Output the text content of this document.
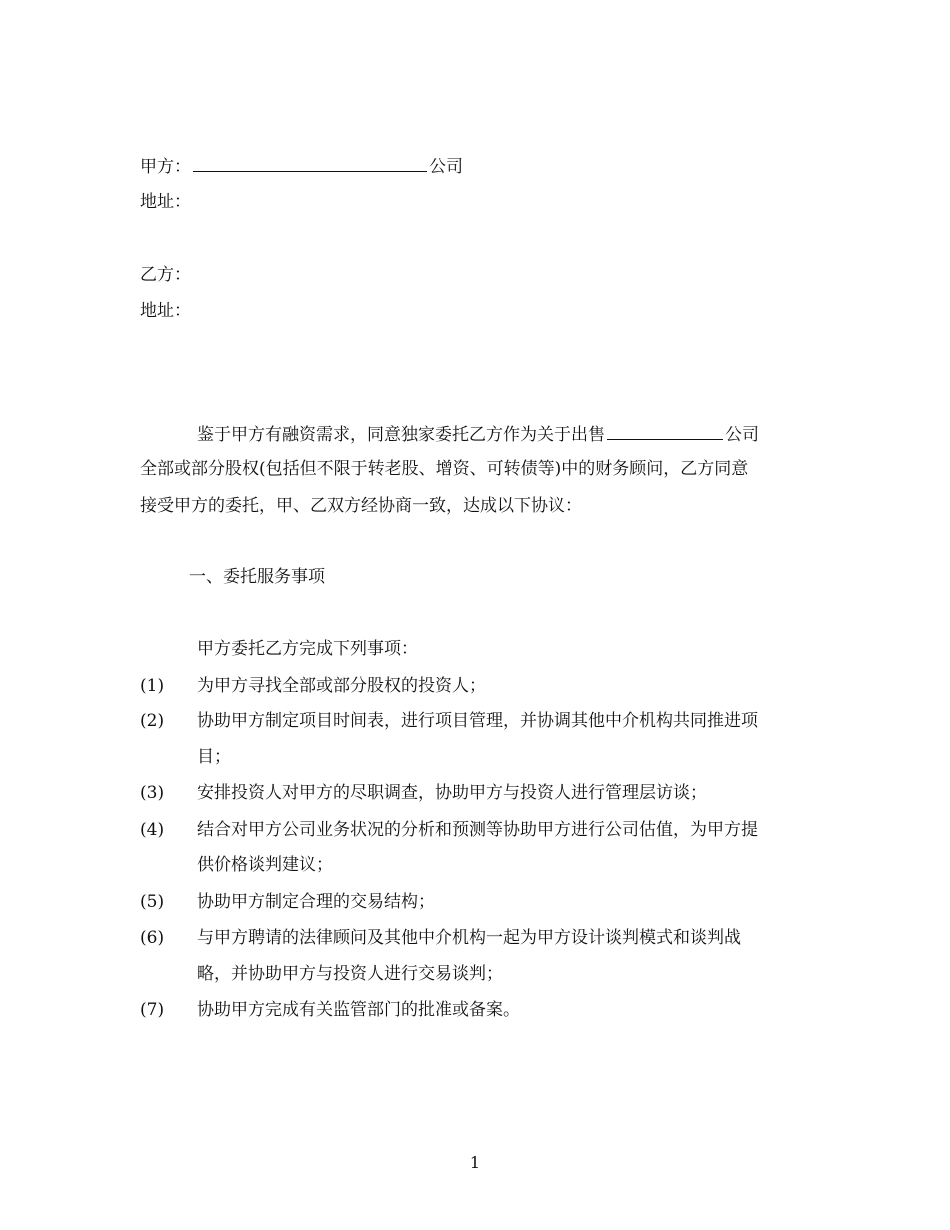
甲方：	公司
地址：
乙方：
地址：
鉴于甲方有融资需求，同意独家委托乙方作为关于出售	公司
全部或部分股权(包括但不限于转老股、增资、可转债等)中的财务顾问，乙方同意
接受甲方的委托，甲、乙双方经协商一致，达成以下协议：
一、委托服务事项
甲方委托乙方完成下列事项：
(1) 为甲方寻找全部或部分股权的投资人；
(2) 协助甲方制定项目时间表，进行项目管理，并协调其他中介机构共同推进项
目；
(3) 安排投资人对甲方的尽职调查，协助甲方与投资人进行管理层访谈；
(4) 结合对甲方公司业务状况的分析和预测等协助甲方进行公司估值，为甲方提
供价格谈判建议；
(5) 协助甲方制定合理的交易结构；
(6) 与甲方聘请的法律顾问及其他中介机构一起为甲方设计谈判模式和谈判战
略，并协助甲方与投资人进行交易谈判；
(7) 协助甲方完成有关监管部门的批准或备案。
1
